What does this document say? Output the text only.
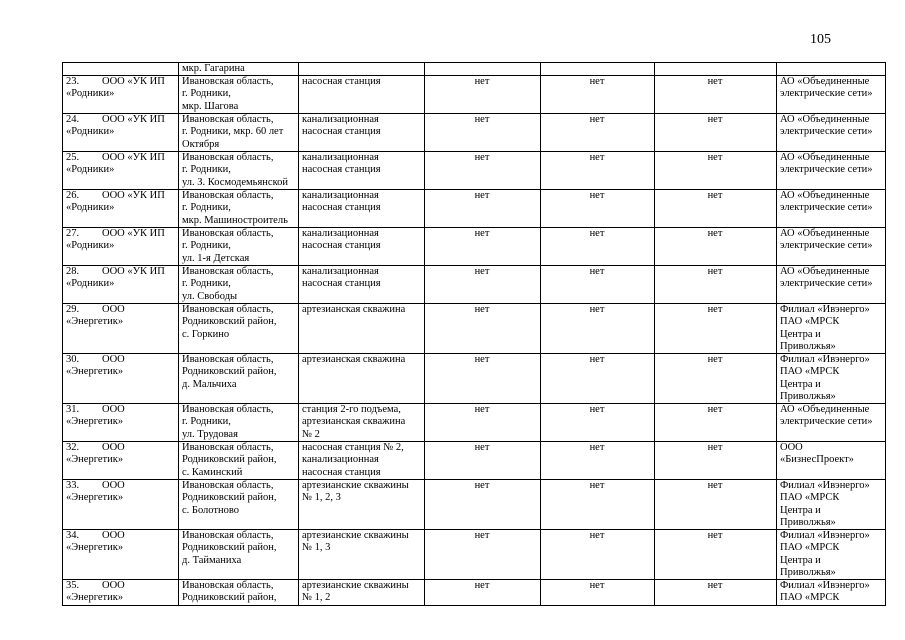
105
	мкр. Гагарина					
23. ООО «УК ИП
«Родники»	Ивановская область,
г. Родники,
мкр. Шагова	насосная станция	нет	нет	нет	АО «Объединенные
электрические сети»
24. ООО «УК ИП
«Родники»	Ивановская область,
г. Родники, мкр. 60 лет
Октября	канализационная
насосная станция	нет	нет	нет	АО «Объединенные
электрические сети»
25. ООО «УК ИП
«Родники»	Ивановская область,
г. Родники,
ул. З. Космодемьянской	канализационная
насосная станция	нет	нет	нет	АО «Объединенные
электрические сети»
26. ООО «УК ИП
«Родники»	Ивановская область,
г. Родники,
мкр. Машиностроитель	канализационная
насосная станция	нет	нет	нет	АО «Объединенные
электрические сети»
27. ООО «УК ИП
«Родники»	Ивановская область,
г. Родники,
ул. 1-я Детская	канализационная
насосная станция	нет	нет	нет	АО «Объединенные
электрические сети»
28. ООО «УК ИП
«Родники»	Ивановская область,
г. Родники,
ул. Свободы	канализационная
насосная станция	нет	нет	нет	АО «Объединенные
электрические сети»
29. ООО
«Энергетик»	Ивановская область,
Родниковский район,
с. Горкино	артезианская скважина	нет	нет	нет	Филиал «Ивэнерго»
ПАО «МРСК
Центра и
Приволжья»
30. ООО
«Энергетик»	Ивановская область,
Родниковский район,
д. Мальчиха	артезианская скважина	нет	нет	нет	Филиал «Ивэнерго»
ПАО «МРСК
Центра и
Приволжья»
31. ООО
«Энергетик»	Ивановская область,
г. Родники,
ул. Трудовая	станция 2-го подъема,
артезианская скважина
№ 2	нет	нет	нет	АО «Объединенные
электрические сети»
32. ООО
«Энергетик»	Ивановская область,
Родниковский район,
с. Каминский	насосная станция № 2,
канализационная
насосная станция	нет	нет	нет	ООО
«БизнесПроект»
33. ООО
«Энергетик»	Ивановская область,
Родниковский район,
с. Болотново	артезианские скважины
№ 1, 2, 3	нет	нет	нет	Филиал «Ивэнерго»
ПАО «МРСК
Центра и
Приволжья»
34. ООО
«Энергетик»	Ивановская область,
Родниковский район,
д. Тайманиха	артезианские скважины
№ 1, 3	нет	нет	нет	Филиал «Ивэнерго»
ПАО «МРСК
Центра и
Приволжья»
35. ООО
«Энергетик»	Ивановская область,
Родниковский район,	артезианские скважины
№ 1, 2	нет	нет	нет	Филиал «Ивэнерго»
ПАО «МРСК
